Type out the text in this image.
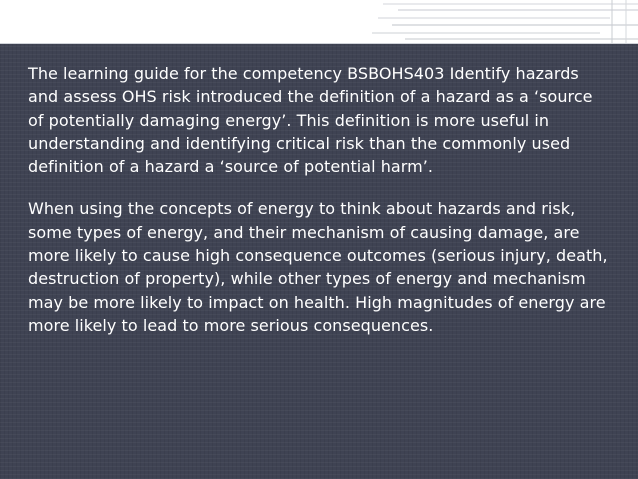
The learning guide for the competency BSBOHS403 Identify hazards and assess OHS risk introduced the definition of a hazard as a ‘source of potentially damaging energy’. This definition is more useful in understanding and identifying critical risk than the commonly used definition of a hazard a ‘source of potential harm’.

When using the concepts of energy to think about hazards and risk, some types of energy, and their mechanism of causing damage, are more likely to cause high consequence outcomes (serious injury, death, destruction of property), while other types of energy and mechanism may be more likely to impact on health. High magnitudes of energy are more likely to lead to more serious consequences.
